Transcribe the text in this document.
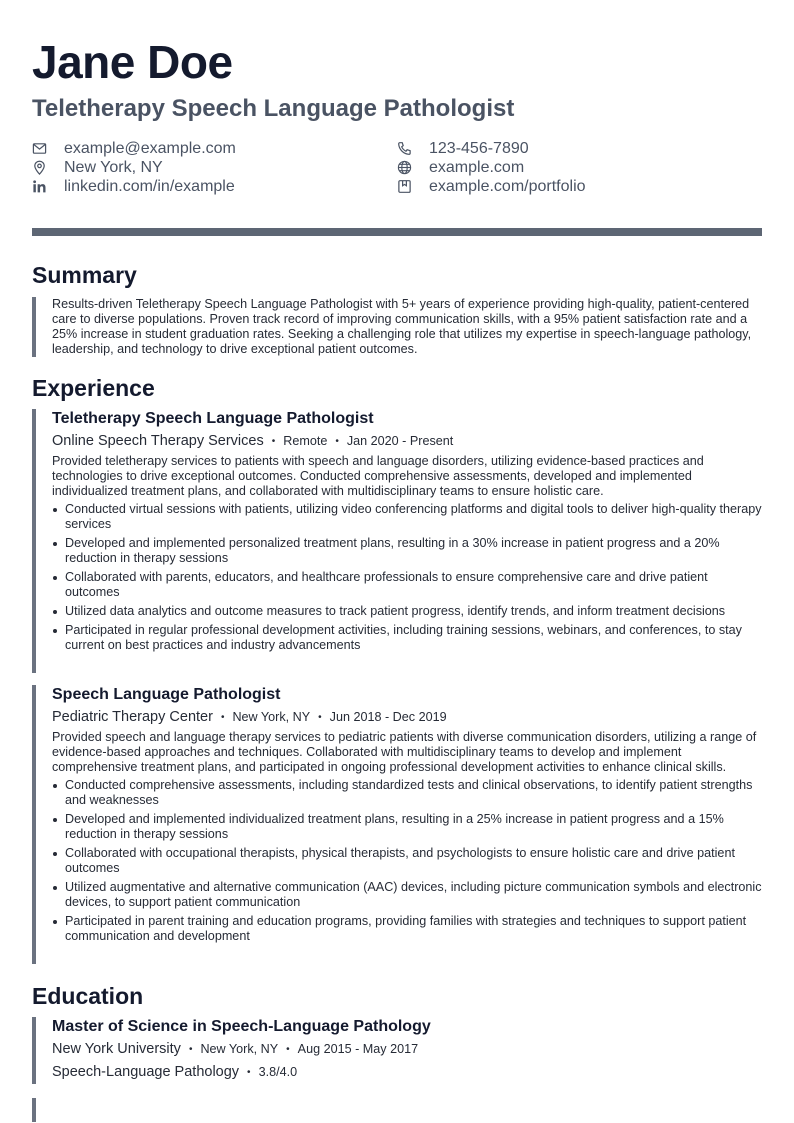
Jane Doe
Teletherapy Speech Language Pathologist
example@example.com	123-456-7890
New York, NY	example.com
linkedin.com/in/example	example.com/portfolio
Summary

Results-driven Teletherapy Speech Language Pathologist with 5+ years of experience providing high-quality, patient-centered care to diverse populations. Proven track record of improving communication skills, with a 95% patient satisfaction rate and a 25% increase in student graduation rates. Seeking a challenging role that utilizes my expertise in speech-language pathology, leadership, and technology to drive exceptional patient outcomes.

Experience

Teletherapy Speech Language Pathologist

Online Speech Therapy Services • Remote • Jan 2020 - Present

Provided teletherapy services to patients with speech and language disorders, utilizing evidence-based practices and technologies to drive exceptional outcomes. Conducted comprehensive assessments, developed and implemented individualized treatment plans, and collaborated with multidisciplinary teams to ensure holistic care.

Conducted virtual sessions with patients, utilizing video conferencing platforms and digital tools to deliver high-quality therapy services
Developed and implemented personalized treatment plans, resulting in a 30% increase in patient progress and a 20% reduction in therapy sessions
Collaborated with parents, educators, and healthcare professionals to ensure comprehensive care and drive patient outcomes
Utilized data analytics and outcome measures to track patient progress, identify trends, and inform treatment decisions
Participated in regular professional development activities, including training sessions, webinars, and conferences, to stay current on best practices and industry advancements

Speech Language Pathologist

Pediatric Therapy Center • New York, NY • Jun 2018 - Dec 2019

Provided speech and language therapy services to pediatric patients with diverse communication disorders, utilizing a range of evidence-based approaches and techniques. Collaborated with multidisciplinary teams to develop and implement comprehensive treatment plans, and participated in ongoing professional development activities to enhance clinical skills.

Conducted comprehensive assessments, including standardized tests and clinical observations, to identify patient strengths and weaknesses
Developed and implemented individualized treatment plans, resulting in a 25% increase in patient progress and a 15% reduction in therapy sessions
Collaborated with occupational therapists, physical therapists, and psychologists to ensure holistic care and drive patient outcomes
Utilized augmentative and alternative communication (AAC) devices, including picture communication symbols and electronic devices, to support patient communication
Participated in parent training and education programs, providing families with strategies and techniques to support patient communication and development
Education

Master of Science in Speech-Language Pathology

New York University • New York, NY • Aug 2015 - May 2017

Speech-Language Pathology • 3.8/4.0
